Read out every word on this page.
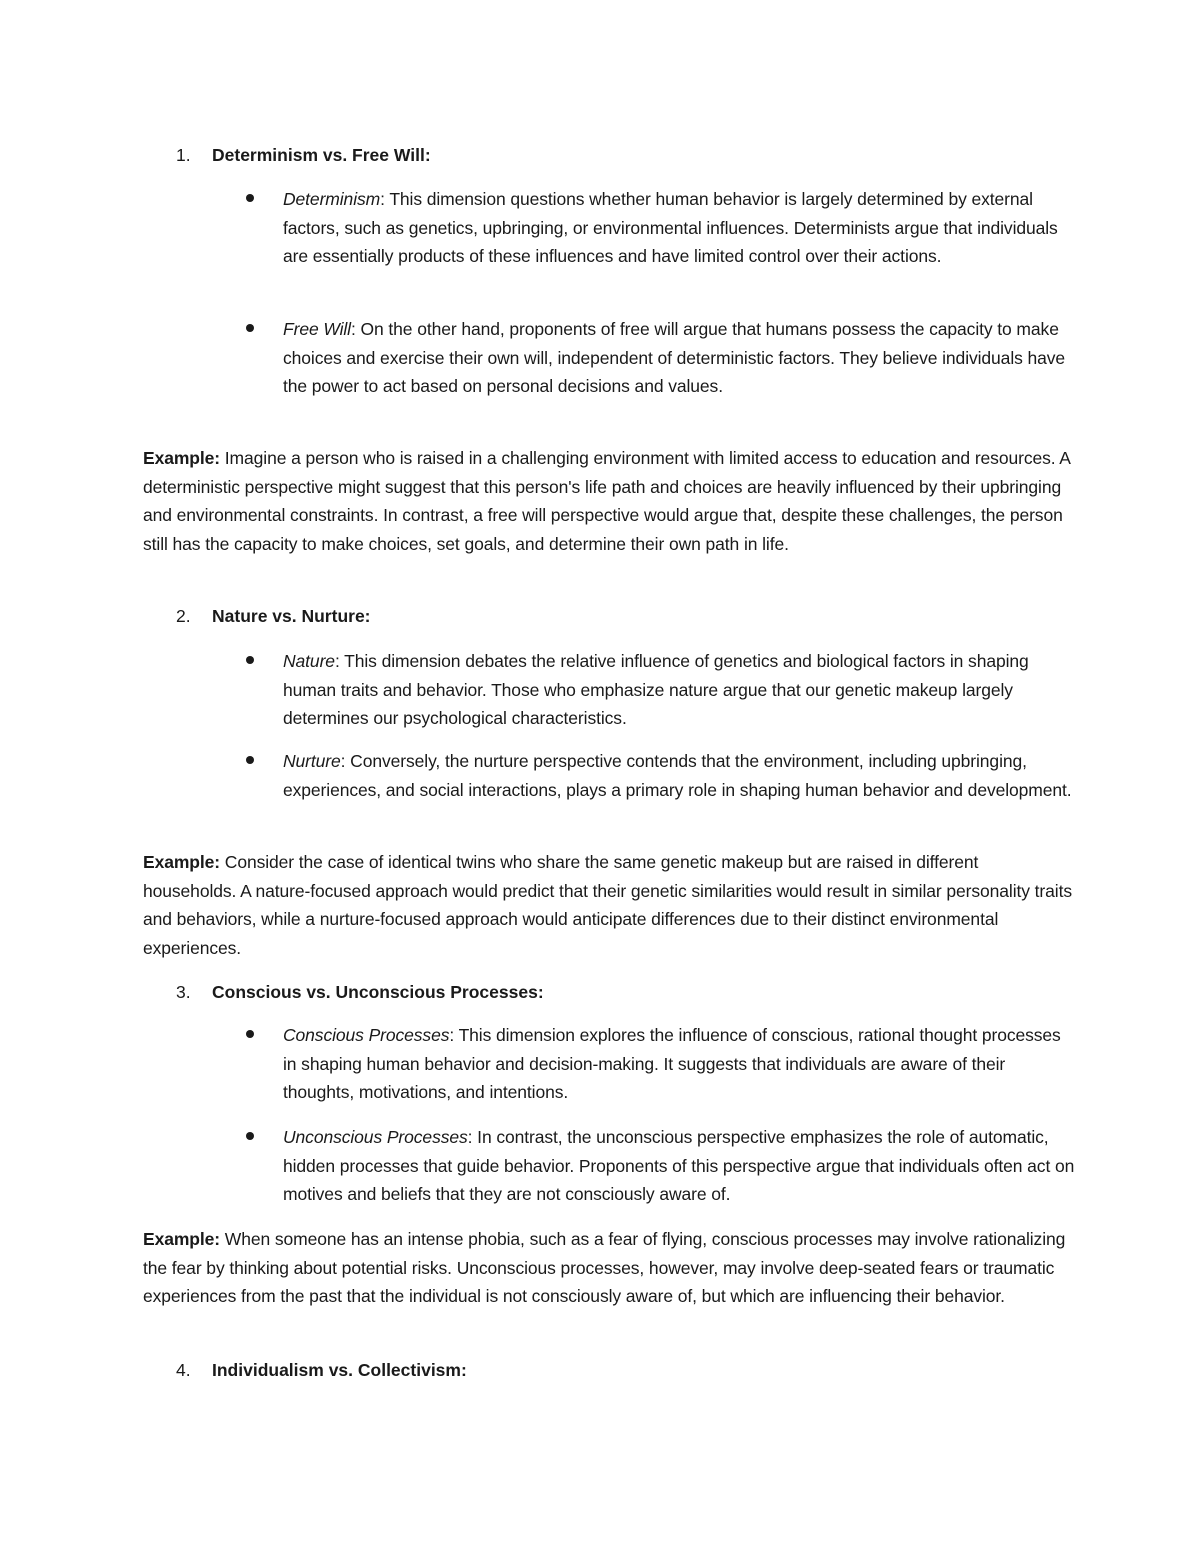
1. Determinism vs. Free Will:
Determinism: This dimension questions whether human behavior is largely determined by external factors, such as genetics, upbringing, or environmental influences. Determinists argue that individuals are essentially products of these influences and have limited control over their actions.
Free Will: On the other hand, proponents of free will argue that humans possess the capacity to make choices and exercise their own will, independent of deterministic factors. They believe individuals have the power to act based on personal decisions and values.
Example: Imagine a person who is raised in a challenging environment with limited access to education and resources. A deterministic perspective might suggest that this person's life path and choices are heavily influenced by their upbringing and environmental constraints. In contrast, a free will perspective would argue that, despite these challenges, the person still has the capacity to make choices, set goals, and determine their own path in life.
2. Nature vs. Nurture:
Nature: This dimension debates the relative influence of genetics and biological factors in shaping human traits and behavior. Those who emphasize nature argue that our genetic makeup largely determines our psychological characteristics.
Nurture: Conversely, the nurture perspective contends that the environment, including upbringing, experiences, and social interactions, plays a primary role in shaping human behavior and development.
Example: Consider the case of identical twins who share the same genetic makeup but are raised in different households. A nature-focused approach would predict that their genetic similarities would result in similar personality traits and behaviors, while a nurture-focused approach would anticipate differences due to their distinct environmental experiences.
3. Conscious vs. Unconscious Processes:
Conscious Processes: This dimension explores the influence of conscious, rational thought processes in shaping human behavior and decision-making. It suggests that individuals are aware of their thoughts, motivations, and intentions.
Unconscious Processes: In contrast, the unconscious perspective emphasizes the role of automatic, hidden processes that guide behavior. Proponents of this perspective argue that individuals often act on motives and beliefs that they are not consciously aware of.
Example: When someone has an intense phobia, such as a fear of flying, conscious processes may involve rationalizing the fear by thinking about potential risks. Unconscious processes, however, may involve deep-seated fears or traumatic experiences from the past that the individual is not consciously aware of, but which are influencing their behavior.
4. Individualism vs. Collectivism:
